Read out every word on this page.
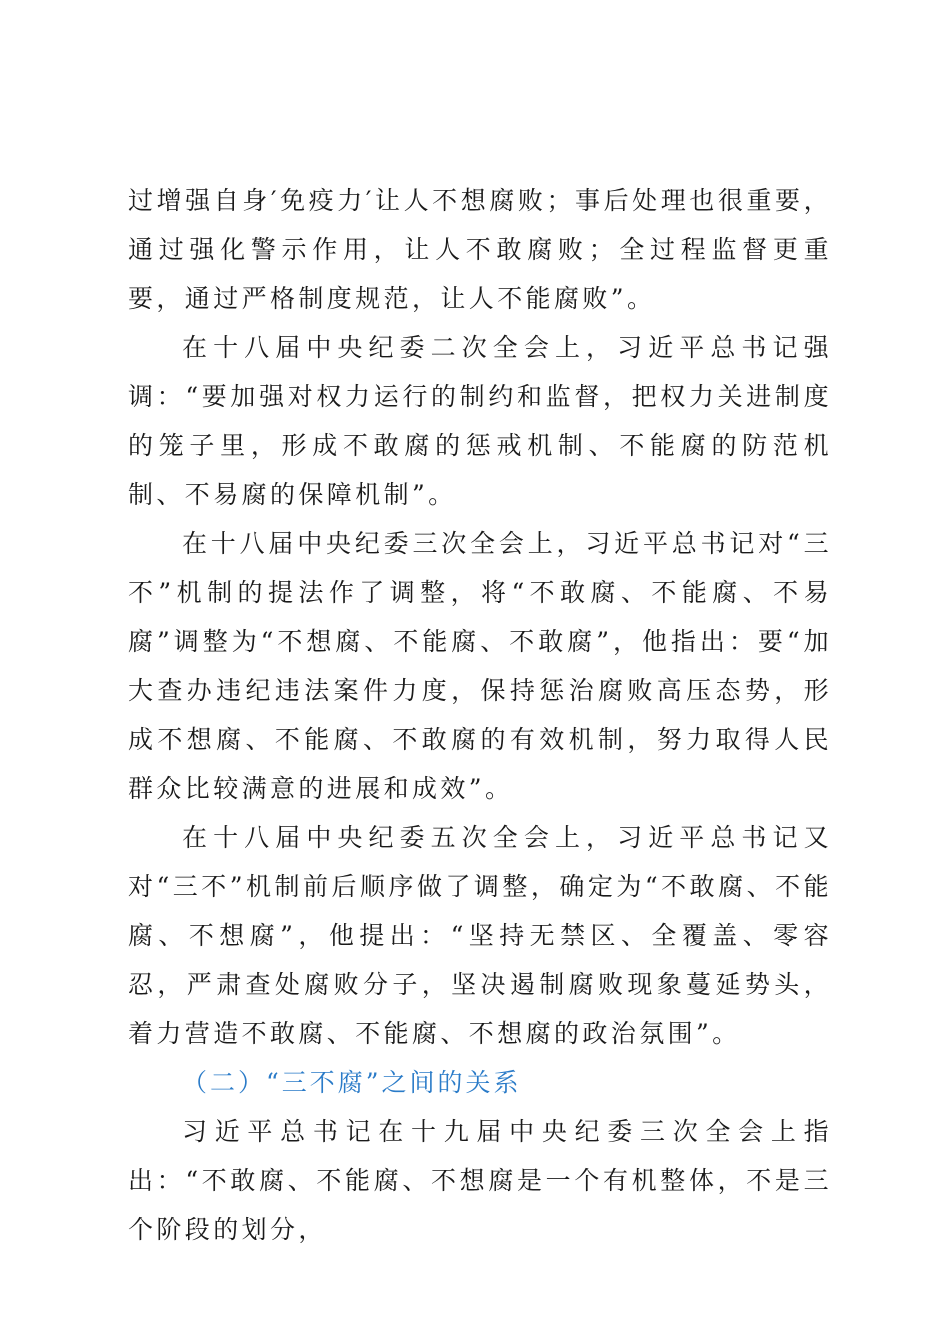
过增强自身′免疫力′让人不想腐败；事后处理也很重要，通过强化警示作用，让人不敢腐败；全过程监督更重要，通过严格制度规范，让人不能腐败”。

在十八届中央纪委二次全会上，习近平总书记强调：“要加强对权力运行的制约和监督，把权力关进制度的笼子里，形成不敢腐的惩戒机制、不能腐的防范机制、不易腐的保障机制”。

在十八届中央纪委三次全会上，习近平总书记对“三不”机制的提法作了调整，将“不敢腐、不能腐、不易腐”调整为“不想腐、不能腐、不敢腐”，他指出：要“加大查办违纪违法案件力度，保持惩治腐败高压态势，形成不想腐、不能腐、不敢腐的有效机制，努力取得人民群众比较满意的进展和成效”。

在十八届中央纪委五次全会上，习近平总书记又对“三不”机制前后顺序做了调整，确定为“不敢腐、不能腐、不想腐”，他提出：“坚持无禁区、全覆盖、零容忍，严肃查处腐败分子，坚决遏制腐败现象蔓延势头，着力营造不敢腐、不能腐、不想腐的政治氛围”。

（二）“三不腐”之间的关系

习近平总书记在十九届中央纪委三次全会上指出：“不敢腐、不能腐、不想腐是一个有机整体，不是三个阶段的划分，
